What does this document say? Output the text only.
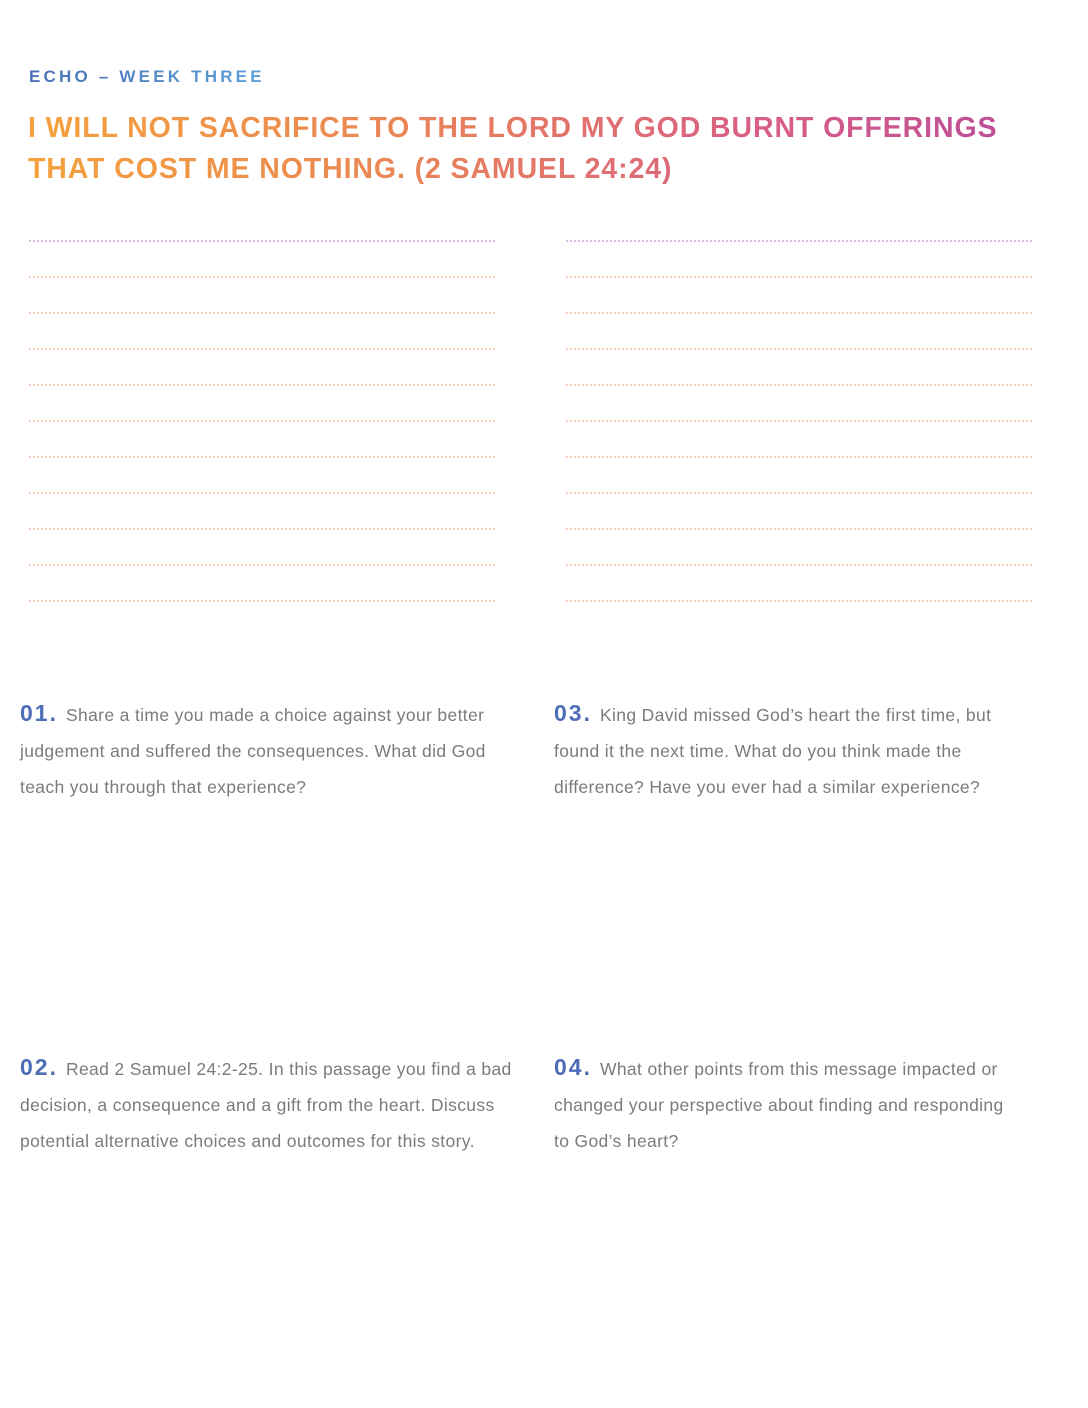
ECHO – WEEK THREE
I WILL NOT SACRIFICE TO THE LORD MY GOD BURNT OFFERINGS THAT COST ME NOTHING. (2 SAMUEL 24:24)
01. Share a time you made a choice against your better judgement and suffered the consequences. What did God teach you through that experience?
02. Read 2 Samuel 24:2-25. In this passage you find a bad decision, a consequence and a gift from the heart. Discuss potential alternative choices and outcomes for this story.
03. King David missed God’s heart the first time, but found it the next time. What do you think made the difference? Have you ever had a similar experience?
04. What other points from this message impacted or changed your perspective about finding and responding to God’s heart?
